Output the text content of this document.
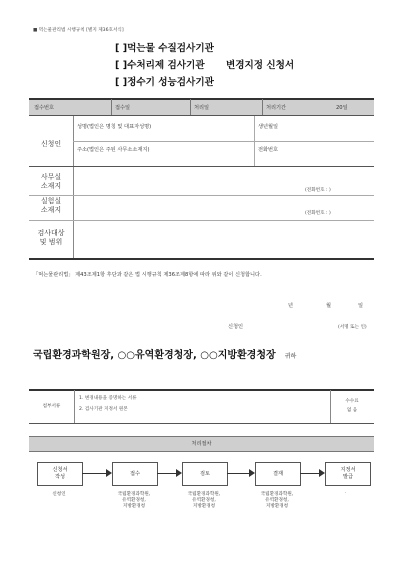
■ 먹는물관리법 시행규칙 [별지 제36호서식]
[ ]먹는물 수질검사기관
[ ]수처리제 검사기관 변경지정 신청서
[ ]정수기 성능검사기관
접수번호	접수일	처리일	처리기간	20일
신청인
성명(법인은 명칭 및 대표자성명)	생년월일
주소(법인은 주된 사무소소재지)	전화번호
사무실
소재지
(전화번호 : )
실험실
소재지	(전화번호 : )
검사대상
및 범위
「먹는물관리법」 제43조제1항 후단과 같은 법 시행규칙 제36조제8항에 따라 위와 같이 신청합니다.
년	월	일
신청인	(서명 또는 인)
국립환경과학원장, ○○유역환경청장, ○○지방환경청장 귀하
첨부서류
1. 변경내용을 증명하는 서류
2. 검사기관 지정서 원본
수수료
없 음
처리절차
신청서
작성
접수	검토	결재
지정서
발급
신청인	국립환경과학원,
유역환경청,
지방환경청
국립환경과학원,
유역환경청,
지방환경청
국립환경과학원,
유역환경청,
지방환경청
.
